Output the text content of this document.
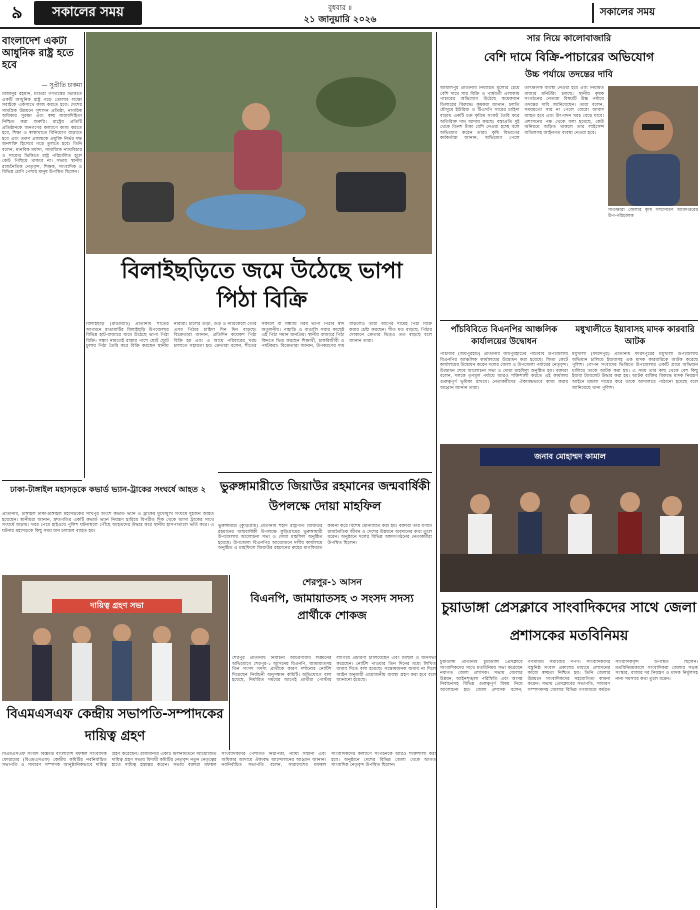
৯	সকালের সময়	বুধবার ॥
২১ জানুয়ারি ২০২৬
সকালের সময়
বাংলাদেশ একটা আধুনিক রাষ্ট্র হতে হবে
— সুপ্রীতি চাকমা
মিজানুর রহমান, মাগুরা গণতন্ত্রের ভিত্তিতে একটি আধুনিক রাষ্ট্র গড়ে তোলার লক্ষ্যে সবাইকে একসাথে কাজ করতে হবে। দেশের সামগ্রিক উন্নয়নে সুশাসন প্রতিষ্ঠা, নাগরিক অধিকার সুরক্ষা এবং স্বচ্ছ জবাবদিহিতা নিশ্চিত করা জরুরি। রাষ্ট্রের প্রতিটি প্রতিষ্ঠানকে জনগণের কল্যাণে কাজ করতে হবে, শিক্ষা ও স্বাস্থ্যখাতে বিনিয়োগ বাড়াতে হবে এবং তরুণ প্রজন্মকে প্রযুক্তি নির্ভর দক্ষ জনশক্তি হিসেবে গড়ে তুলতে হবে। তিনি বলেন, মানবিক মর্যাদা, সামাজিক ন্যায়বিচার ও সাম্যের ভিত্তিতে রাষ্ট্র পরিচালিত হলে কেউ পিছিয়ে থাকবে না। সভায় স্থানীয় রাজনৈতিক নেতৃবৃন্দ, শিক্ষক, সাংবাদিক ও বিভিন্ন শ্রেণি পেশার মানুষ উপস্থিত ছিলেন।
ঢাকা-টাঙ্গাইল মহাসড়কে কভার্ড ভ্যান-ট্রাকের সংঘর্ষে আহত ২
প্রতিনিধি, টাঙ্গাইল ঢাকা-টাঙ্গাইল মহাসড়কের সখিপুর অংশে কভার্ড ভ্যান ও ট্রাকের মুখোমুখি সংঘর্ষে দুইজন আহত হয়েছেন। স্থানীয়রা জানান, দ্রুতগতির একটি কভার্ড ভ্যান নিয়ন্ত্রণ হারিয়ে বিপরীত দিক থেকে আসা ট্রাকের সাথে সংঘর্ষে জড়ায়। খবর পেয়ে হাইওয়ে পুলিশ ঘটনাস্থলে পৌঁছে আহতদের উদ্ধার করে স্থানীয় হাসপাতালে ভর্তি করে। এ ঘটনায় মহাসড়কে কিছু সময় যান চলাচল ব্যাহত হয়।
বিলাইছড়িতে জমে উঠেছে ভাপা পিঠা বিক্রি
বিলাইছড়ি (রাঙামাটি) প্রতিনিধি শীতের আগমনে রাঙামাটির বিলাইছড়ি উপজেলার বিভিন্ন হাট-বাজারে জমে উঠেছে ভাপা পিঠা বিক্রি। সন্ধ্যা নামতেই রাস্তার পাশে ছোট ছোট চুলায় পিঠা তৈরি করে বিক্রি করছেন স্থানীয় নারীরা। চালের গুঁড়া, গুড় ও নারিকেলে তৈরি এসব পিঠার চাহিদা দিন দিন বাড়ছে। বিক্রেতারা জানান, প্রতিদিন কয়েকশ পিঠা বিক্রি হয় এবং এ আয়ে পরিবারের খরচ চালাতে সহায়তা হয়। ক্রেতারা বলেন, শীতের সকালে বা সন্ধ্যায় গরম ভাপা পিঠার স্বাদ অতুলনীয়। পাহাড়ি ও বাঙালি সবার কাছেই এই পিঠা সমান জনপ্রিয়। স্থানীয় বাজারে পিঠা কিনতে ভিড় করছেন শিক্ষার্থী, চাকরিজীবী ও পর্যটকরা। বিক্রেতারা জানান, উপকরণের দাম বাড়লেও তারা আগের দামেই পিঠা বিক্রি করার চেষ্টা করছেন। শীত যত বাড়ছে, পিঠার দোকানে ক্রেতার ভিড়ও তত বাড়ছে বলে জানান তারা।
ভুরুঙ্গামারীতে জিয়াউর রহমানের জন্মবার্ষিকী উপলক্ষে দোয়া মাহফিল
ভুরুঙ্গামারী (কুড়িগ্রাম) প্রতিনিধি শহীদ রাষ্ট্রপতি জিয়াউর রহমানের জন্মবার্ষিকী উপলক্ষে কুড়িগ্রামের ভুরুঙ্গামারী উপজেলায় আলোচনা সভা ও দোয়া মাহফিল অনুষ্ঠিত হয়েছে। উপজেলা বিএনপির আয়োজনে দলীয় কার্যালয়ে অনুষ্ঠিত এ মাহফিলে জিয়াউর রহমানের রুহের মাগফিরাত কামনা করে বিশেষ মোনাজাত করা হয়। বক্তারা তার বর্ণাঢ্য রাজনৈতিক জীবন ও দেশের উন্নয়নে অবদানের কথা তুলে ধরেন। অনুষ্ঠানে দলের বিভিন্ন অঙ্গসংগঠনের নেতাকর্মীরা উপস্থিত ছিলেন।
দায়িত্ব গ্রহণ সভা
বিএমএসএফ কেন্দ্রীয় সভাপতি-সম্পাদকের দায়িত্ব গ্রহণ
বিএমএসএফ সংবাদ বিজ্ঞপ্তি বাংলাদেশ মফস্বল সাংবাদিক ফোরামের (বিএমএসএফ) কেন্দ্রীয় কমিটির নবনির্বাচিত সভাপতি ও সাধারণ সম্পাদক আনুষ্ঠানিকভাবে দায়িত্ব গ্রহণ করেছেন। রাজধানীর একটি মিলনায়তনে আয়োজিত দায়িত্ব গ্রহণ সভায় বিদায়ী কমিটির নেতৃবৃন্দ নতুন নেতৃত্বের হাতে দায়িত্ব হস্তান্তর করেন। সভায় বক্তারা মফস্বল সাংবাদিকদের পেশাগত নিরাপত্তা, ন্যায্য সম্মানী এবং অধিকার আদায়ে ঐক্যবদ্ধ আন্দোলনের আহ্বান জানান। নবনির্বাচিত সভাপতি বলেন, সারাদেশের মফস্বল সাংবাদিকদের কল্যাণে সংগঠনকে আরও শক্তিশালী করা হবে। অনুষ্ঠানে দেশের বিভিন্ন জেলা থেকে আগত সাংবাদিক নেতৃবৃন্দ উপস্থিত ছিলেন।
শেরপুর-১ আসন
বিএনপি, জামায়াতসহ ৩ সংসদ সদস্য প্রার্থীকে শোকজ
শেরপুর প্রতিনিধি নির্বাচনী আচরণবিধি লঙ্ঘনের অভিযোগে শেরপুর-১ আসনের বিএনপি, জামায়াতসহ তিন সংসদ সদস্য প্রার্থীকে কারণ দর্শানোর নোটিশ দিয়েছেন নির্বাচনী অনুসন্ধান কমিটি। অভিযোগে বলা হয়েছে, নির্ধারিত সময়ের আগেই প্রার্থীরা পোস্টার লাগিয়ে প্রচারণা চালিয়েছেন এবং মিছিল ও জনসভা করেছেন। নোটিশ পাওয়ার তিন দিনের মধ্যে লিখিত জবাব দিতে বলা হয়েছে। সন্তোষজনক জবাব না দিলে আইন অনুযায়ী প্রয়োজনীয় ব্যবস্থা গ্রহণ করা হবে বলে জানানো হয়েছে।
সার নিয়ে কালোবাজারি
বেশি দামে বিক্রি-পাচারের অভিযোগ
উচ্চ পর্যায়ে তদন্তের দাবি
জামালপুর প্রতিনিধি নির্ধারিত মূল্যের চেয়ে বেশি দামে সার বিক্রি ও পার্শ্ববর্তী এলাকায় পাচারের অভিযোগ উঠেছে কয়েকজন ডিলারের বিরুদ্ধে। কৃষকরা জানান, চলতি মৌসুমে ইউরিয়া ও টিএসপি সারের চাহিদা বাড়ায় একটি চক্র কৃত্রিম সংকট তৈরি করে অতিরিক্ত দাম আদায় করছে। বস্তাপ্রতি দুই থেকে তিনশ টাকা বেশি নেওয়া হচ্ছে বলে অভিযোগ করেন তারা। কৃষি বিভাগের কর্মকর্তারা জানান, অভিযোগ পেলে তাৎক্ষণিক ব্যবস্থা নেওয়া হবে এবং নিয়মিত বাজার মনিটরিং চলছে। স্থানীয় কৃষক সংগঠনের নেতারা বিষয়টি উচ্চ পর্যায়ে তদন্তের দাবি জানিয়েছেন। তারা বলেন, সময়মতো সার না পেলে বোরো আবাদ ব্যাহত হবে এবং উৎপাদন খরচ বেড়ে যাবে। প্রশাসনের পক্ষ থেকে বলা হয়েছে, কেউ অনিয়মে জড়িত থাকলে তার লাইসেন্স বাতিলসহ আইনগত ব্যবস্থা নেওয়া হবে।
সাতক্ষীরা জেলার কৃষি সম্প্রসারণ অধিদপ্তরের উপ-পরিচালক
পাঁচবিবিতে বিএনপির আঞ্চলিক কার্যালয়ের উদ্বোধন
পাঁচবিবি (জয়পুরহাট) প্রতিনিধি জয়পুরহাটের পাঁচবিবি উপজেলায় বিএনপির আঞ্চলিক কার্যালয়ের উদ্বোধন করা হয়েছে। ফিতা কেটে কার্যালয়ের উদ্বোধন করেন দলের জেলা ও উপজেলা পর্যায়ের নেতৃবৃন্দ। উদ্বোধন শেষে আলোচনা সভা ও দোয়া মাহফিল অনুষ্ঠিত হয়। বক্তারা বলেন, দলকে তৃণমূল পর্যায়ে আরও শক্তিশালী করতে এই কার্যালয় গুরুত্বপূর্ণ ভূমিকা রাখবে। নেতাকর্মীদের ঐক্যবদ্ধভাবে কাজ করার আহ্বান জানান তারা।
মধুখালীতে ইয়াবাসহ মাদক কারবারি আটক
মধুখালী (ফরিদপুর) প্রতিনিধি ফরিদপুরের মধুখালী উপজেলায় অভিযান চালিয়ে ইয়াবাসহ এক মাদক কারবারিকে আটক করেছে পুলিশ। গোপন সংবাদের ভিত্তিতে উপজেলার একটি গ্রামে অভিযান চালিয়ে তাকে আটক করা হয়। এ সময় তার কাছ থেকে বেশ কিছু ইয়াবা ট্যাবলেট উদ্ধার করা হয়। আটক ব্যক্তির বিরুদ্ধে মাদক নিয়ন্ত্রণ আইনে মামলা দায়ের করে তাকে আদালতে পাঠানো হয়েছে বলে জানিয়েছে থানা পুলিশ।
জনাব মোহাম্মদ কামাল
চুয়াডাঙ্গা প্রেসক্লাবে সাংবাদিকদের সাথে জেলা প্রশাসকের মতবিনিময়
চুয়াডাঙ্গা প্রতিনিধি চুয়াডাঙ্গা প্রেসক্লাবে সাংবাদিকদের সাথে মতবিনিময় সভা করেছেন নবাগত জেলা প্রশাসক। সভায় জেলার উন্নয়ন, আইনশৃঙ্খলা পরিস্থিতি এবং আসন্ন নির্বাচনসহ বিভিন্ন গুরুত্বপূর্ণ বিষয় নিয়ে আলোচনা হয়। জেলা প্রশাসক বলেন, গণমাধ্যম সমাজের দর্পণ। সাংবাদিকদের বস্তুনিষ্ঠ সংবাদ প্রকাশের মাধ্যমে প্রশাসনের কাজে স্বচ্ছতা নিশ্চিত হয়। তিনি জেলার উন্নয়নে সাংবাদিকদের সহযোগিতা কামনা করেন। সভায় প্রেসক্লাবের সভাপতি, সাধারণ সম্পাদকসহ জেলার বিভিন্ন গণমাধ্যমে কর্মরত সাংবাদিকবৃন্দ উপস্থিত ছিলেন। মতবিনিময়কালে সাংবাদিকরা জেলার সড়ক সংস্কার, বাজার দর নিয়ন্ত্রণ ও মাদক নির্মূলসহ নানা সমস্যার কথা তুলে ধরেন।
